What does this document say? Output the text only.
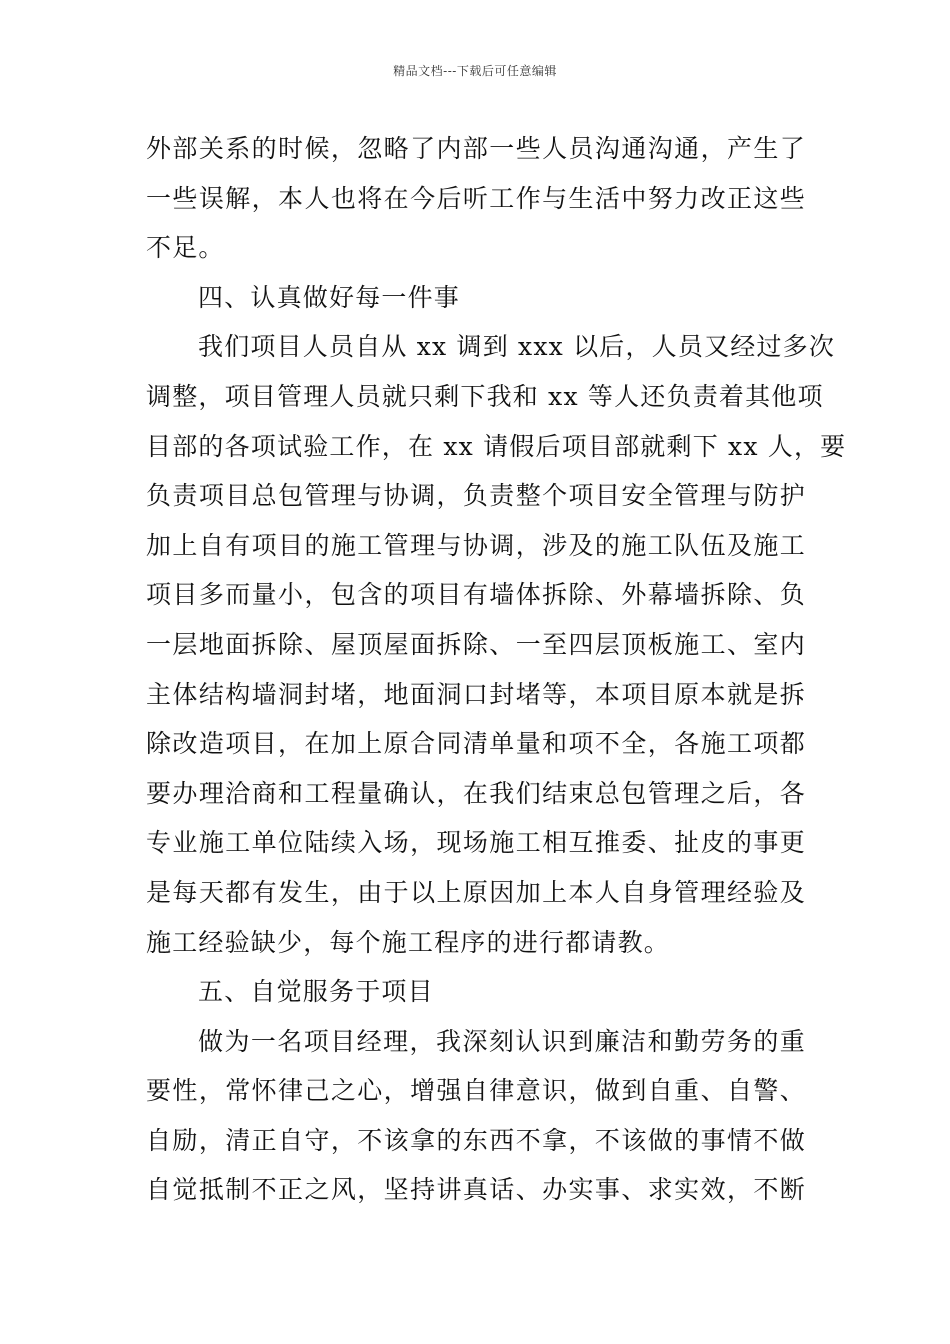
精品文档---下载后可任意编辑
外部关系的时候，忽略了内部一些人员沟通沟通，产生了
一些误解，本人也将在今后听工作与生活中努力改正这些
不足。
四、认真做好每一件事
我们项目人员自从 xx 调到 xxx 以后，人员又经过多次
调整，项目管理人员就只剩下我和 xx 等人还负责着其他项
目部的各项试验工作，在 xx 请假后项目部就剩下 xx 人，要
负责项目总包管理与协调，负责整个项目安全管理与防护
加上自有项目的施工管理与协调，涉及的施工队伍及施工
项目多而量小，包含的项目有墙体拆除、外幕墙拆除、负
一层地面拆除、屋顶屋面拆除、一至四层顶板施工、室内
主体结构墙洞封堵，地面洞口封堵等，本项目原本就是拆
除改造项目，在加上原合同清单量和项不全，各施工项都
要办理洽商和工程量确认，在我们结束总包管理之后，各
专业施工单位陆续入场，现场施工相互推委、扯皮的事更
是每天都有发生，由于以上原因加上本人自身管理经验及
施工经验缺少，每个施工程序的进行都请教。
五、自觉服务于项目
做为一名项目经理，我深刻认识到廉洁和勤劳务的重
要性，常怀律己之心，增强自律意识，做到自重、自警、
自励，清正自守，不该拿的东西不拿，不该做的事情不做
自觉抵制不正之风，坚持讲真话、办实事、求实效，不断
